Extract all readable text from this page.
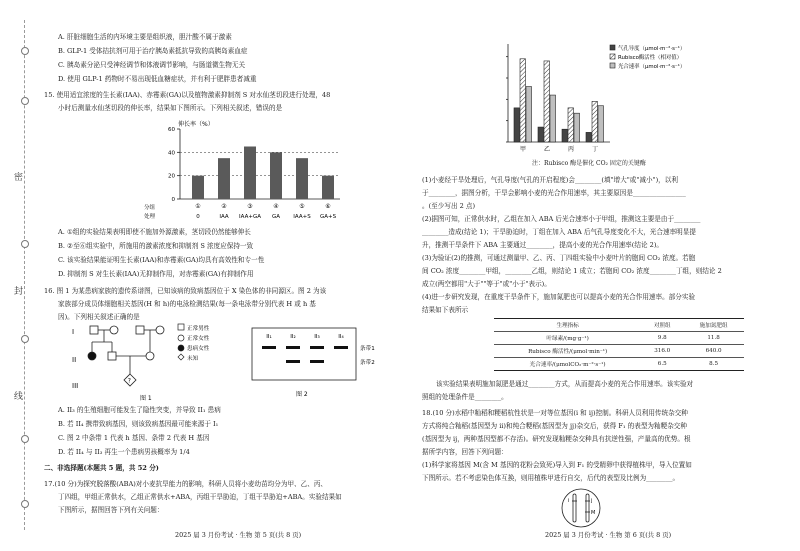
密
封
线
A. 肝脏细胞生活的内环境主要是组织液，胆汁酸不属于激素
B. GLP-1 受体拮抗剂可用于治疗胰岛素抵抗导致的高胰岛素血症
C. 胰岛素分泌只受神经调节和体液调节影响，与肠道微生物无关
D. 使用 GLP-1 药物时不易出现低血糖症状，并有利于肥胖患者减重
15. 使用适宜浓度的生长素(IAA)、赤霉素(GA)以及植物激素抑制剂 S 对水仙茎切段进行处理，48
小时后测量水仙茎切段的伸长率，结果如下图所示。下列相关叙述，错误的是
伸长率（%）
0
20
40
60
①
0
②
IAA
③
IAA+GA
④
GA
⑤
IAA+S
⑥
GA+S
分组
处理
A. ①组的实验结果表明即使不施加外源激素，茎切段仍然能够伸长
B. ②至⑥组实验中，所施用的激素浓度和抑制剂 S 浓度应保持一致
C. 该实验结果能证明生长素(IAA)和赤霉素(GA)均具有高效性和专一性
D. 抑制剂 S 对生长素(IAA)无抑制作用，对赤霉素(GA)有抑制作用
16. 图 1 为某患病家族的遗传系谱图，已知该病的致病基因位于 X 染色体的非同源区。图 2 为该
家族部分成员体细胞相关基因(H 和 h)的电泳检测结果(每一条电泳带分别代表 H 或 h 基
因)。下列相关叙述正确的是
I
II
III
?
正常男性
正常女性
患病女性
未知
图 1
II₁	II₂	II₃	II₄
条带1
条带2
图 2
A. II₃ 的生殖细胞可能发生了隐性突变，并导致 II₁ 患病
B. 若 II₄ 携带致病基因，则该致病基因最可能来源于 I₁
C. 图 2 中条带 1 代表 h 基因、条带 2 代表 H 基因
D. 若 II₄ 与 II₃ 再生一个患病男孩概率为 1/4
二、非选择题(本题共 5 题，共 52 分)
17.(10 分)为探究脱落酸(ABA)对小麦抗旱能力的影响，科研人员将小麦幼苗均分为甲、乙、丙、
丁四组，甲组正常供水，乙组正常供水+ABA，丙组干旱胁迫，丁组干旱胁迫+ABA。实验结果如
下图所示，据图回答下列有关问题：
2025 届 3 月份考试 · 生物 第 5 页(共 8 页)
甲	乙	丙	丁
气孔导度（μmol·m⁻²·s⁻¹）
Rubisco酶活性（相对值）
光合速率（μmol·m⁻²·s⁻¹）
注：Rubisco 酶是催化 CO₂ 固定的关键酶
(1)小麦经干旱处理后，气孔导度(气孔的开启程度)会________(填"增大"或"减小")，以利
于________，据图分析，干旱会影响小麦的光合作用速率，其主要原因是________________
。(至少写出 2 点)
(2)据图可知，正常供水时，乙组在加入 ABA 后光合速率小于甲组，推测这主要是由于________
________造成(结论 1)；干旱胁迫时，丁组在加入 ABA 后气孔导度变化不大，光合速率明显提
升，推测干旱条件下 ABA 主要通过________，提高小麦的光合作用速率(结论 2)。
(3)为验证(2)的推测，可通过测量甲、乙、丙、丁四组实验中小麦叶片的胞间 CO₂ 浓度。若胞
间 CO₂ 浓度________甲组，________乙组，则结论 1 成立；若胞间 CO₂ 浓度________丁组，则结论 2
成立(两空都用"大于""等于"或"小于"表示)。
(4)进一步研究发现，在重度干旱条件下，施加氮肥也可以提高小麦的光合作用速率。部分实验
结果如下表所示
生理指标	对照组	施加氮肥组
叶绿素/(mg·g⁻¹)	9.8	11.8
Rubisco 酶活性/(μmol·min⁻¹)	316.0	640.0
光合速率/(μmolCO₂·m⁻²·s⁻¹)	6.5	8.5
该实验结果表明施加氮肥是通过________方式，从而提高小麦的光合作用速率。该实验对
照组的处理条件是________。
18.(10 分)水稻中籼稻和粳稻杭性状是一对等位基因(i 和 ij)控制。科研人员利用传统杂交种
方式将纯合籼稻(基因型为 ii)和纯合粳稻(基因型为 jj)杂交后，获得 F₁ 的表型为籼粳杂交种
(基因型为 ij，两种基因型都不存活)。研究发现籼粳杂交种具有抗逆性强，产量高的优势。根
据所学内容，回答下列问题：
(1)科学家将基因 M(含 M 基因的花粉会致死)导入到 F₁ 的受精卵中获得植株甲，导入位置如
下图所示。若不考虑染色体互换，则用植株甲进行自交，后代的表型及比例为________。
i	j
M
2025 届 3 月份考试 · 生物 第 6 页(共 8 页)
